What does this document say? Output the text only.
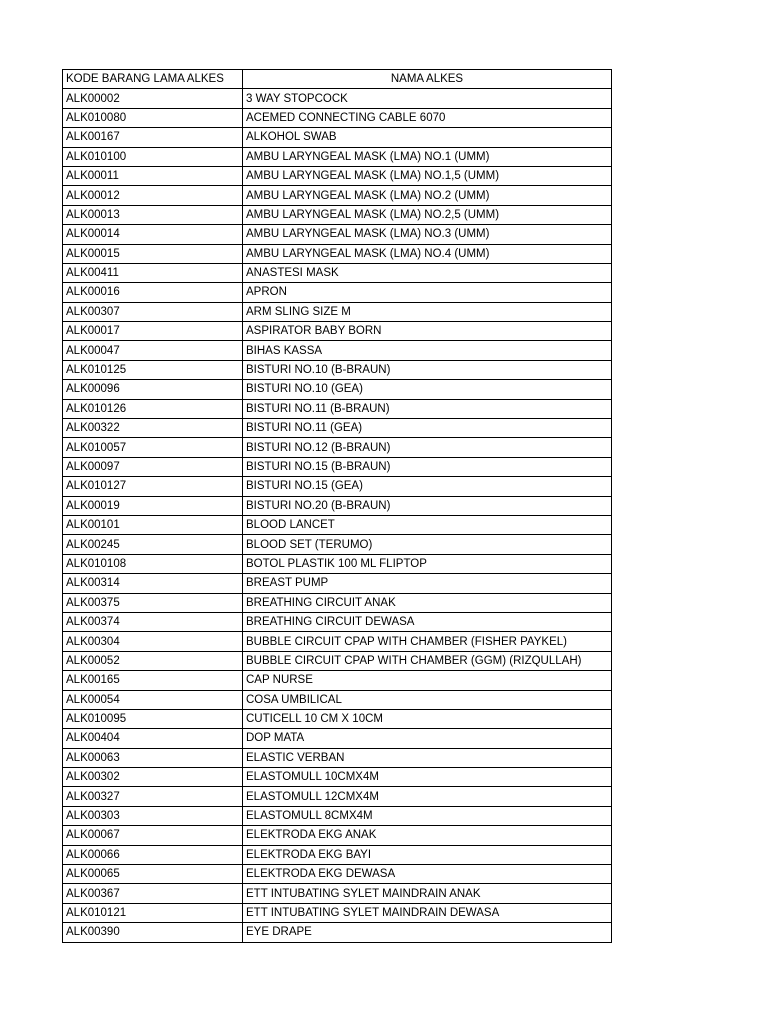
KODE BARANG LAMA ALKES	NAMA ALKES
ALK00002	3 WAY STOPCOCK
ALK010080	ACEMED CONNECTING CABLE 6070
ALK00167	ALKOHOL SWAB
ALK010100	AMBU LARYNGEAL MASK (LMA) NO.1 (UMM)
ALK00011	AMBU LARYNGEAL MASK (LMA) NO.1,5 (UMM)
ALK00012	AMBU LARYNGEAL MASK (LMA) NO.2 (UMM)
ALK00013	AMBU LARYNGEAL MASK (LMA) NO.2,5 (UMM)
ALK00014	AMBU LARYNGEAL MASK (LMA) NO.3 (UMM)
ALK00015	AMBU LARYNGEAL MASK (LMA) NO.4 (UMM)
ALK00411	ANASTESI MASK
ALK00016	APRON
ALK00307	ARM SLING SIZE M
ALK00017	ASPIRATOR BABY BORN
ALK00047	BIHAS KASSA
ALK010125	BISTURI NO.10 (B-BRAUN)
ALK00096	BISTURI NO.10 (GEA)
ALK010126	BISTURI NO.11 (B-BRAUN)
ALK00322	BISTURI NO.11 (GEA)
ALK010057	BISTURI NO.12 (B-BRAUN)
ALK00097	BISTURI NO.15 (B-BRAUN)
ALK010127	BISTURI NO.15 (GEA)
ALK00019	BISTURI NO.20 (B-BRAUN)
ALK00101	BLOOD LANCET
ALK00245	BLOOD SET (TERUMO)
ALK010108	BOTOL PLASTIK 100 ML FLIPTOP
ALK00314	BREAST PUMP
ALK00375	BREATHING CIRCUIT ANAK
ALK00374	BREATHING CIRCUIT DEWASA
ALK00304	BUBBLE CIRCUIT CPAP WITH CHAMBER (FISHER PAYKEL)
ALK00052	BUBBLE CIRCUIT CPAP WITH CHAMBER (GGM) (RIZQULLAH)
ALK00165	CAP NURSE
ALK00054	COSA UMBILICAL
ALK010095	CUTICELL 10 CM X 10CM
ALK00404	DOP MATA
ALK00063	ELASTIC VERBAN
ALK00302	ELASTOMULL 10CMX4M
ALK00327	ELASTOMULL 12CMX4M
ALK00303	ELASTOMULL 8CMX4M
ALK00067	ELEKTRODA EKG ANAK
ALK00066	ELEKTRODA EKG BAYI
ALK00065	ELEKTRODA EKG DEWASA
ALK00367	ETT INTUBATING SYLET MAINDRAIN ANAK
ALK010121	ETT INTUBATING SYLET MAINDRAIN DEWASA
ALK00390	EYE DRAPE
